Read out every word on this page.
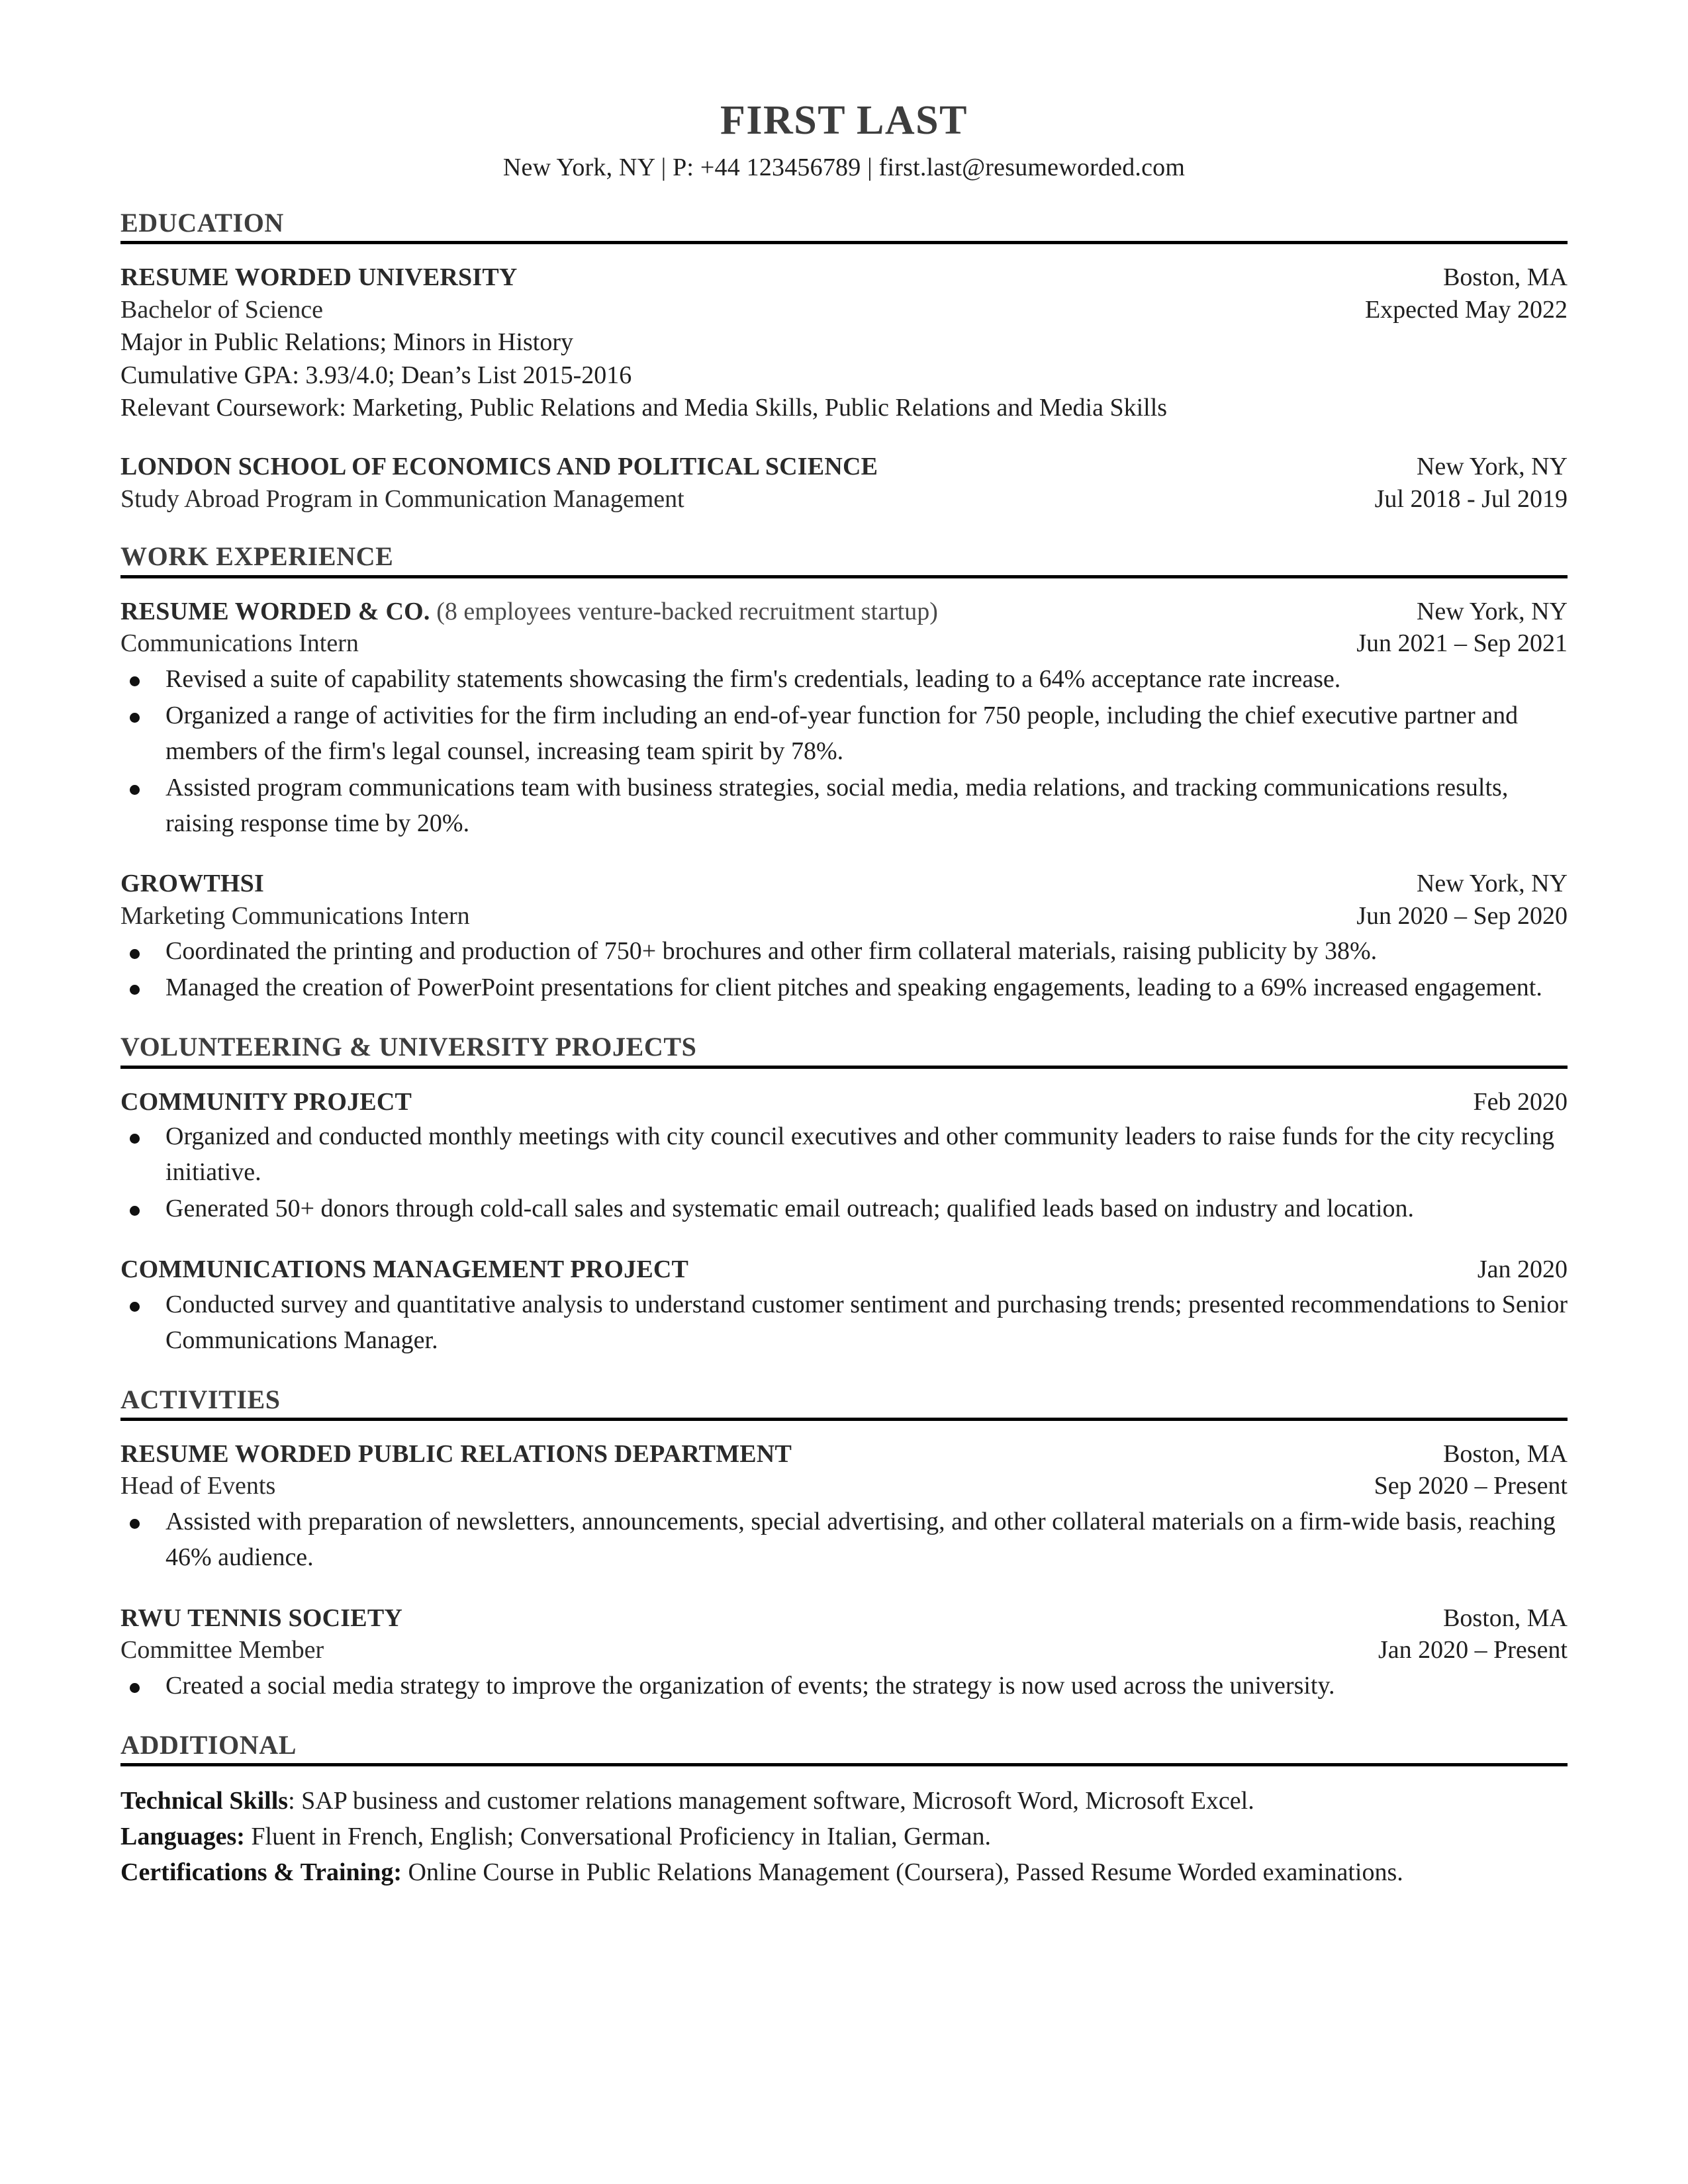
FIRST LAST
New York, NY | P: +44 123456789 | first.last@resumeworded.com
EDUCATION
RESUME WORDED UNIVERSITY	Boston, MA
Bachelor of Science	Expected May 2022
Major in Public Relations; Minors in History
Cumulative GPA: 3.93/4.0; Dean’s List 2015-2016
Relevant Coursework: Marketing, Public Relations and Media Skills, Public Relations and Media Skills
LONDON SCHOOL OF ECONOMICS AND POLITICAL SCIENCE	New York, NY
Study Abroad Program in Communication Management	Jul 2018 - Jul 2019
WORK EXPERIENCE
RESUME WORDED & CO. (8 employees venture-backed recruitment startup)	New York, NY
Communications Intern	Jun 2021 – Sep 2021
Revised a suite of capability statements showcasing the firm's credentials, leading to a 64% acceptance rate increase.
Organized a range of activities for the firm including an end-of-year function for 750 people, including the chief executive partner and members of the firm's legal counsel, increasing team spirit by 78%.
Assisted program communications team with business strategies, social media, media relations, and tracking communications results, raising response time by 20%.
GROWTHSI	New York, NY
Marketing Communications Intern	Jun 2020 – Sep 2020
Coordinated the printing and production of 750+ brochures and other firm collateral materials, raising publicity by 38%.
Managed the creation of PowerPoint presentations for client pitches and speaking engagements, leading to a 69% increased engagement.
VOLUNTEERING & UNIVERSITY PROJECTS
COMMUNITY PROJECT	Feb 2020
Organized and conducted monthly meetings with city council executives and other community leaders to raise funds for the city recycling initiative.
Generated 50+ donors through cold-call sales and systematic email outreach; qualified leads based on industry and location.
COMMUNICATIONS MANAGEMENT PROJECT	Jan 2020
Conducted survey and quantitative analysis to understand customer sentiment and purchasing trends; presented recommendations to Senior Communications Manager.
ACTIVITIES
RESUME WORDED PUBLIC RELATIONS DEPARTMENT	Boston, MA
Head of Events	Sep 2020 – Present
Assisted with preparation of newsletters, announcements, special advertising, and other collateral materials on a firm-wide basis, reaching 46% audience.
RWU TENNIS SOCIETY	Boston, MA
Committee Member	Jan 2020 – Present
Created a social media strategy to improve the organization of events; the strategy is now used across the university.
ADDITIONAL
Technical Skills: SAP business and customer relations management software, Microsoft Word, Microsoft Excel.
Languages: Fluent in French, English; Conversational Proficiency in Italian, German.
Certifications & Training: Online Course in Public Relations Management (Coursera), Passed Resume Worded examinations.
